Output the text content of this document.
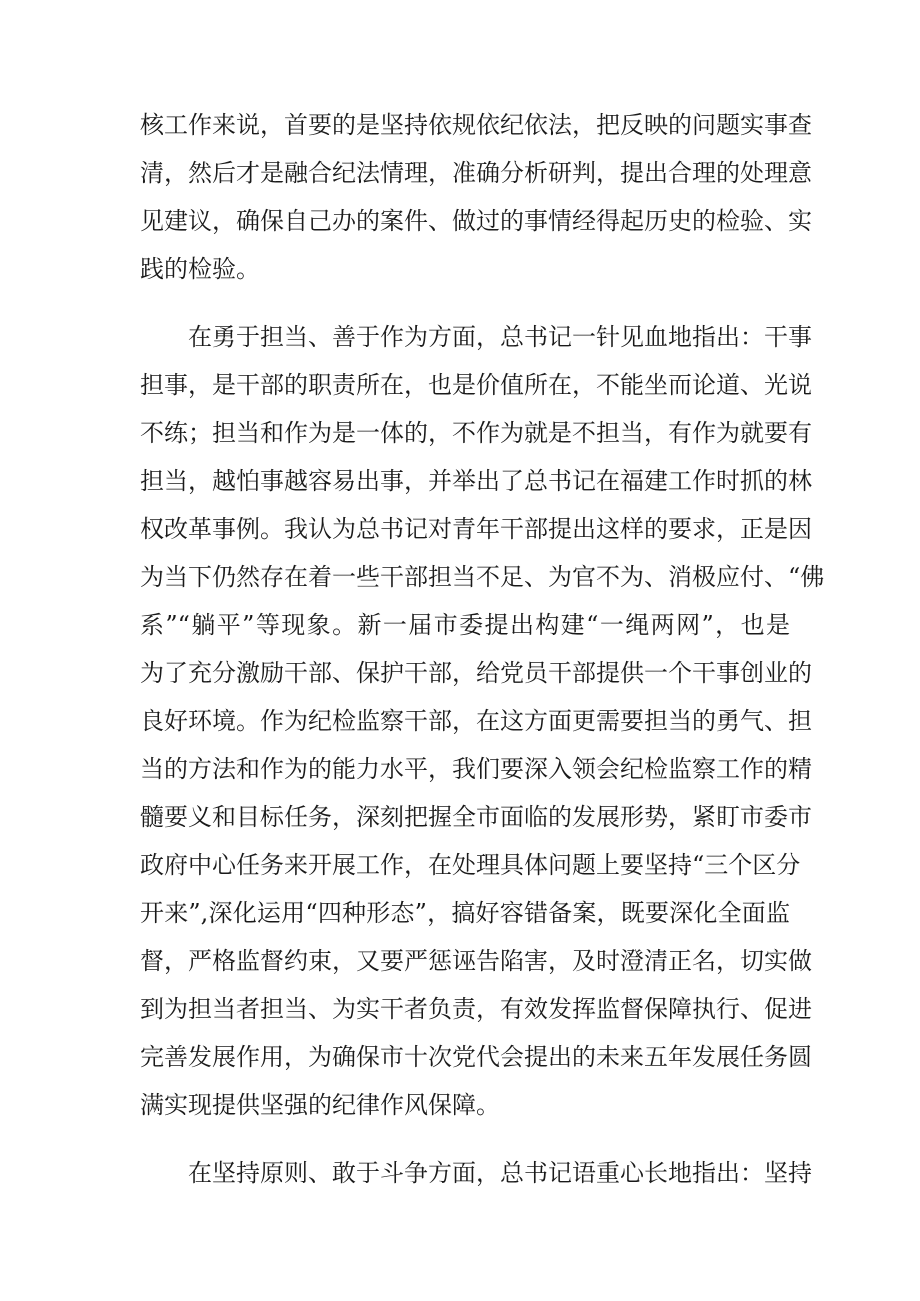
核工作来说，首要的是坚持依规依纪依法，把反映的问题实事查
清，然后才是融合纪法情理，准确分析研判，提出合理的处理意
见建议，确保自己办的案件、做过的事情经得起历史的检验、实
践的检验。
在勇于担当、善于作为方面，总书记一针见血地指出：干事
担事，是干部的职责所在，也是价值所在，不能坐而论道、光说
不练；担当和作为是一体的，不作为就是不担当，有作为就要有
担当，越怕事越容易出事，并举出了总书记在福建工作时抓的林
权改革事例。我认为总书记对青年干部提出这样的要求，正是因
为当下仍然存在着一些干部担当不足、为官不为、消极应付、“佛
系”“躺平”等现象。新一届市委提出构建“一绳两网”，也是
为了充分激励干部、保护干部，给党员干部提供一个干事创业的
良好环境。作为纪检监察干部，在这方面更需要担当的勇气、担
当的方法和作为的能力水平，我们要深入领会纪检监察工作的精
髓要义和目标任务，深刻把握全市面临的发展形势，紧盯市委市
政府中心任务来开展工作，在处理具体问题上要坚持“三个区分
开来”,深化运用“四种形态”，搞好容错备案，既要深化全面监
督，严格监督约束，又要严惩诬告陷害，及时澄清正名，切实做
到为担当者担当、为实干者负责，有效发挥监督保障执行、促进
完善发展作用，为确保市十次党代会提出的未来五年发展任务圆
满实现提供坚强的纪律作风保障。
在坚持原则、敢于斗争方面，总书记语重心长地指出：坚持
